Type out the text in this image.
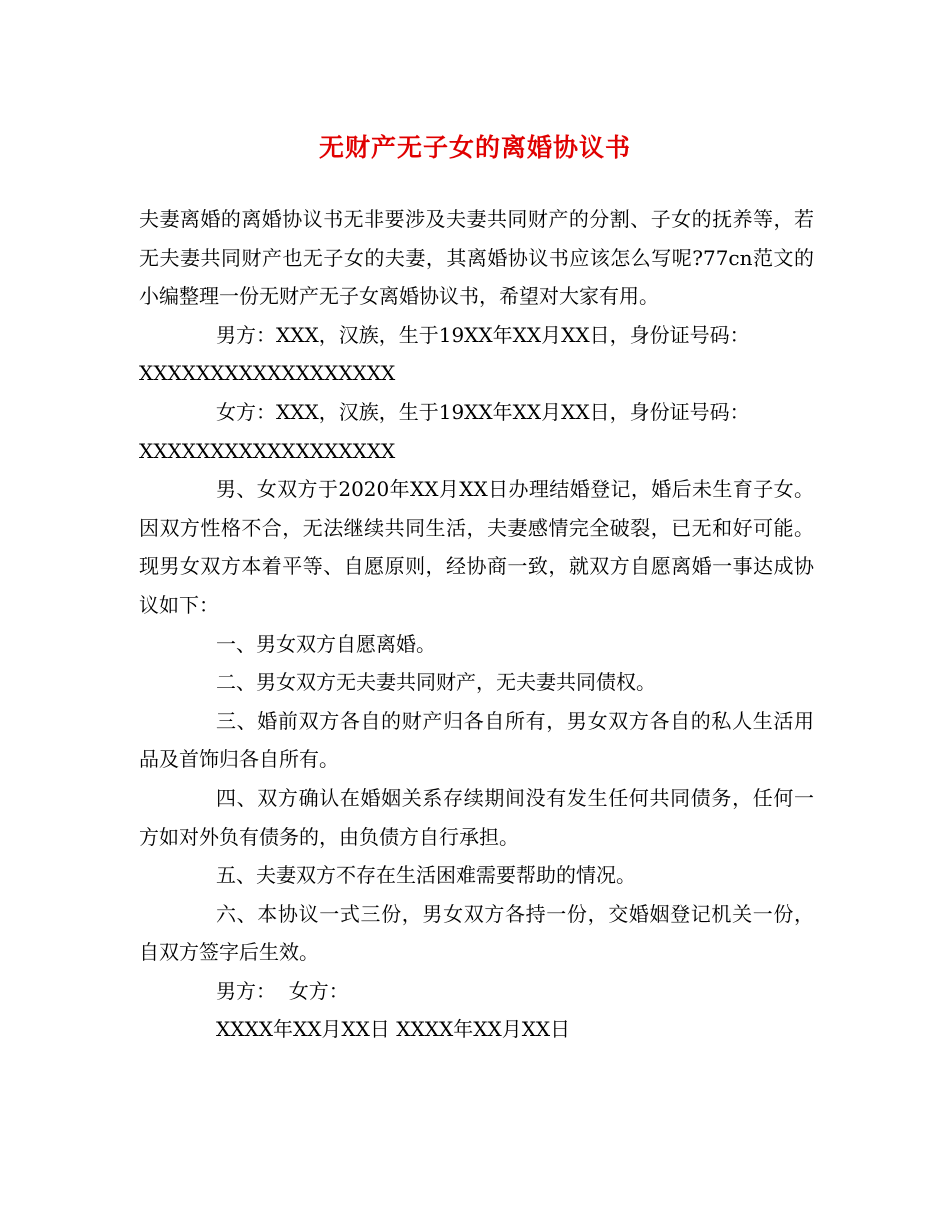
无财产无子女的离婚协议书

夫妻离婚的离婚协议书无非要涉及夫妻共同财产的分割、子女的抚养等，若无夫妻共同财产也无子女的夫妻，其离婚协议书应该怎么写呢?77cn范文的小编整理一份无财产无子女离婚协议书，希望对大家有用。

男方：XXX，汉族，生于19XX年XX月XX日，身份证号码：

XXXXXXXXXXXXXXXXXX

女方：XXX，汉族，生于19XX年XX月XX日，身份证号码：

XXXXXXXXXXXXXXXXXX

男、女双方于2020年XX月XX日办理结婚登记，婚后未生育子女。因双方性格不合，无法继续共同生活，夫妻感情完全破裂，已无和好可能。现男女双方本着平等、自愿原则，经协商一致，就双方自愿离婚一事达成协议如下：

一、男女双方自愿离婚。

二、男女双方无夫妻共同财产，无夫妻共同债权。

三、婚前双方各自的财产归各自所有，男女双方各自的私人生活用品及首饰归各自所有。

四、双方确认在婚姻关系存续期间没有发生任何共同债务，任何一方如对外负有债务的，由负债方自行承担。

五、夫妻双方不存在生活困难需要帮助的情况。

六、本协议一式三份，男女双方各持一份，交婚姻登记机关一份，自双方签字后生效。

男方：  女方：

XXXX年XX月XX日 XXXX年XX月XX日
